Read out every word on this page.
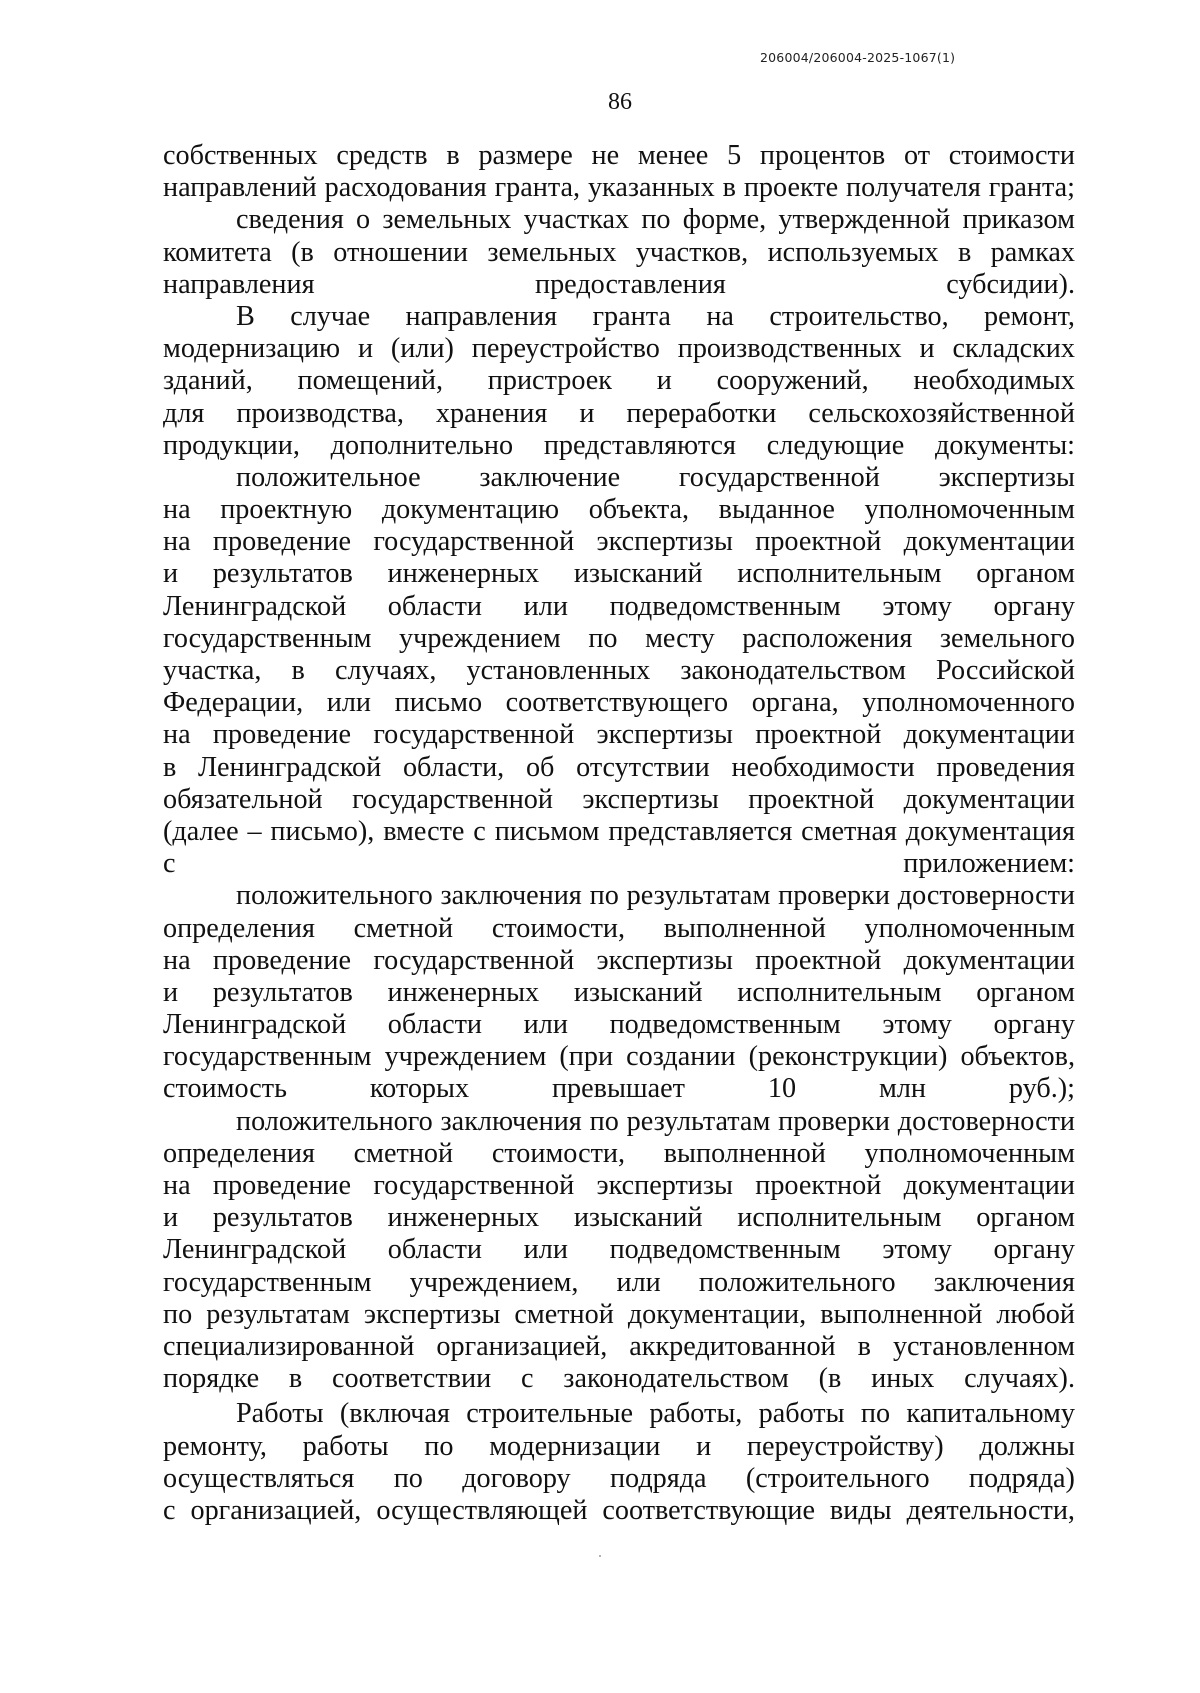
206004/206004-2025-1067(1)
86
собственных средств в размере не менее 5 процентов от стоимости
направлений расходования гранта, указанных в проекте получателя гранта;
сведения о земельных участках по форме, утвержденной приказом
комитета (в отношении земельных участков, используемых в рамках
направления предоставления субсидии).
В случае направления гранта на строительство, ремонт,
модернизацию и (или) переустройство производственных и складских
зданий, помещений, пристроек и сооружений, необходимых
для производства, хранения и переработки сельскохозяйственной
продукции, дополнительно представляются следующие документы:
положительное заключение государственной экспертизы
на проектную документацию объекта, выданное уполномоченным
на проведение государственной экспертизы проектной документации
и результатов инженерных изысканий исполнительным органом
Ленинградской области или подведомственным этому органу
государственным учреждением по месту расположения земельного
участка, в случаях, установленных законодательством Российской
Федерации, или письмо соответствующего органа, уполномоченного
на проведение государственной экспертизы проектной документации
в Ленинградской области, об отсутствии необходимости проведения
обязательной государственной экспертизы проектной документации
(далее – письмо), вместе с письмом представляется сметная документация
с приложением:
положительного заключения по результатам проверки достоверности
определения сметной стоимости, выполненной уполномоченным
на проведение государственной экспертизы проектной документации
и результатов инженерных изысканий исполнительным органом
Ленинградской области или подведомственным этому органу
государственным учреждением (при создании (реконструкции) объектов,
стоимость которых превышает 10 млн руб.);
положительного заключения по результатам проверки достоверности
определения сметной стоимости, выполненной уполномоченным
на проведение государственной экспертизы проектной документации
и результатов инженерных изысканий исполнительным органом
Ленинградской области или подведомственным этому органу
государственным учреждением, или положительного заключения
по результатам экспертизы сметной документации, выполненной любой
специализированной организацией, аккредитованной в установленном
порядке в соответствии с законодательством (в иных случаях).
Работы (включая строительные работы, работы по капитальному
ремонту, работы по модернизации и переустройству) должны
осуществляться по договору подряда (строительного подряда)
с организацией, осуществляющей соответствующие виды деятельности,
